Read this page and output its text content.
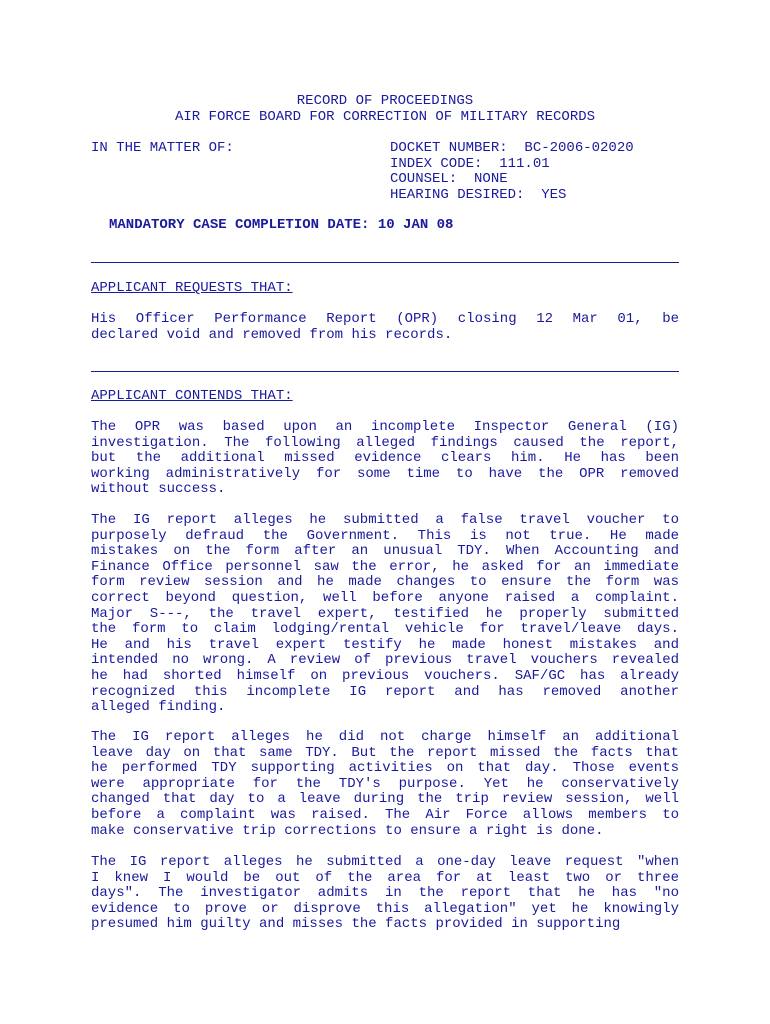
RECORD OF PROCEEDINGS
AIR FORCE BOARD FOR CORRECTION OF MILITARY RECORDS
IN THE MATTER OF:	DOCKET NUMBER:  BC-2006-02020
INDEX CODE:  111.01
COUNSEL:  NONE
HEARING DESIRED:  YES
MANDATORY CASE COMPLETION DATE: 10 JAN 08
APPLICANT REQUESTS THAT:
His Officer Performance Report (OPR) closing 12 Mar 01, be
declared void and removed from his records.
APPLICANT CONTENDS THAT:
The OPR was based upon an incomplete Inspector General (IG)
investigation. The following alleged findings caused the report,
but the additional missed evidence clears him. He has been
working administratively for some time to have the OPR removed
without success.
The IG report alleges he submitted a false travel voucher to
purposely defraud the Government. This is not true. He made
mistakes on the form after an unusual TDY. When Accounting and
Finance Office personnel saw the error, he asked for an immediate
form review session and he made changes to ensure the form was
correct beyond question, well before anyone raised a complaint.
Major S---, the travel expert, testified he properly submitted
the form to claim lodging/rental vehicle for travel/leave days.
He and his travel expert testify he made honest mistakes and
intended no wrong. A review of previous travel vouchers revealed
he had shorted himself on previous vouchers. SAF/GC has already
recognized this incomplete IG report and has removed another
alleged finding.
The IG report alleges he did not charge himself an additional
leave day on that same TDY. But the report missed the facts that
he performed TDY supporting activities on that day. Those events
were appropriate for the TDY's purpose. Yet he conservatively
changed that day to a leave during the trip review session, well
before a complaint was raised. The Air Force allows members to
make conservative trip corrections to ensure a right is done.
The IG report alleges he submitted a one-day leave request "when
I knew I would be out of the area for at least two or three
days". The investigator admits in the report that he has "no
evidence to prove or disprove this allegation" yet he knowingly
presumed him guilty and misses the facts provided in supporting
